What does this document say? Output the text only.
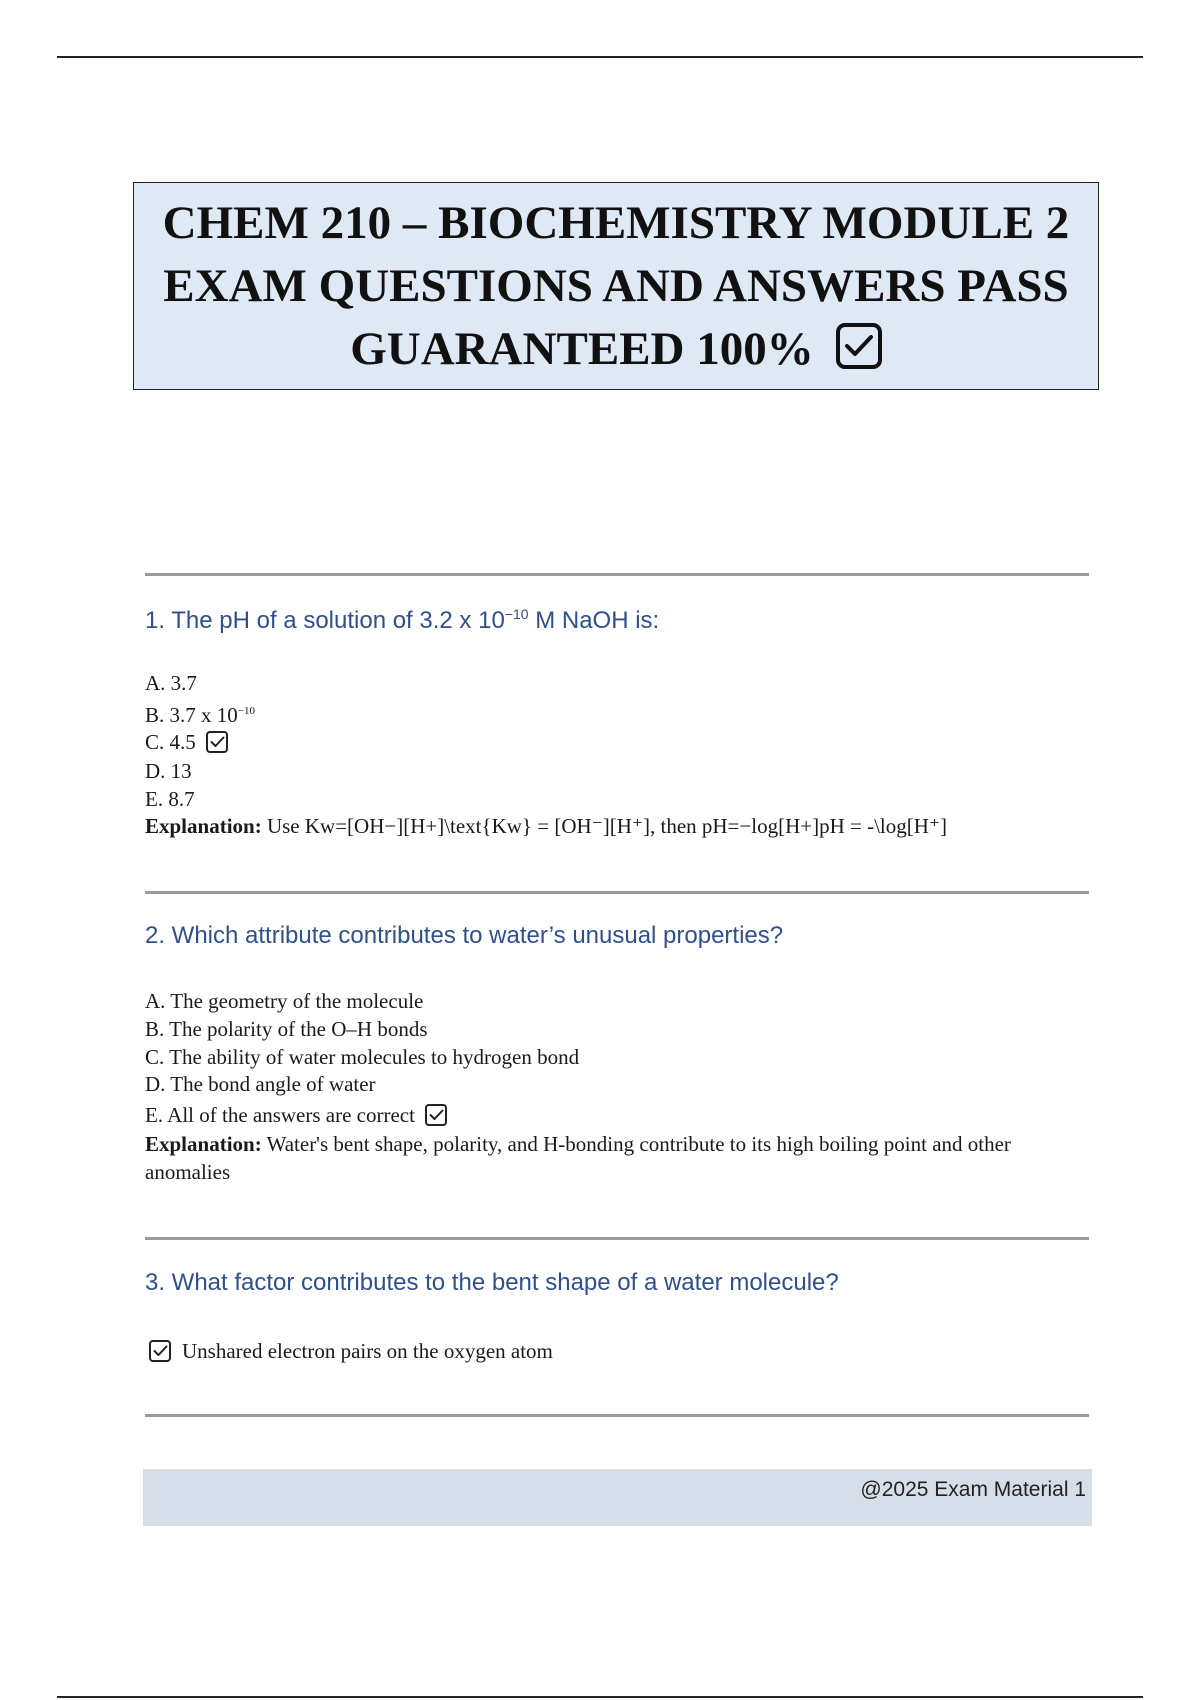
CHEM 210 – BIOCHEMISTRY MODULE 2
EXAM QUESTIONS AND ANSWERS PASS
GUARANTEED 100%
1. The pH of a solution of 3.2 x $10^{-10}$ M NaOH is:
A. 3.7
B. 3.7 x $10^{-10}$
C. 4.5
D. 13
E. 8.7
Explanation: Use Kw=[OH−][H+]\text{Kw} = [OH⁻][H⁺], then pH=−log⁡[H+]pH = -\log[H⁺]
2. Which attribute contributes to water’s unusual properties?
A. The geometry of the molecule
B. The polarity of the O–H bonds
C. The ability of water molecules to hydrogen bond
D. The bond angle of water
E. All of the answers are correct
Explanation: Water's bent shape, polarity, and H-bonding contribute to its high boiling point and other anomalies
3. What factor contributes to the bent shape of a water molecule?
Unshared electron pairs on the oxygen atom
@2025 Exam Material 1
